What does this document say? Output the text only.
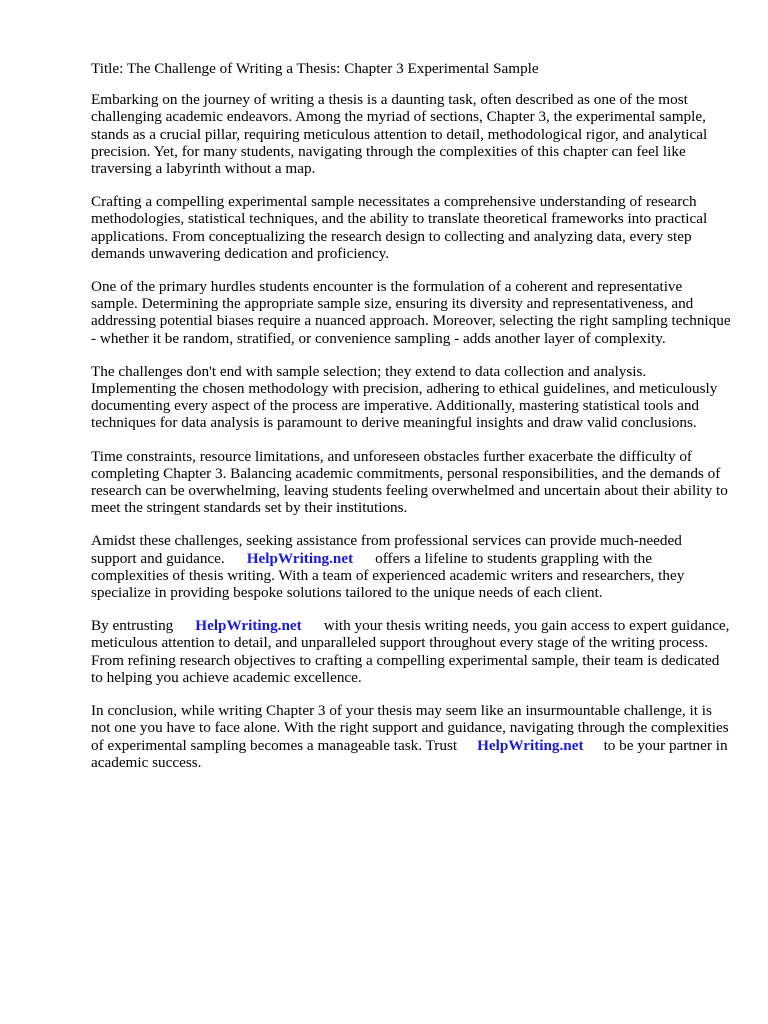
Title: The Challenge of Writing a Thesis: Chapter 3 Experimental Sample

Embarking on the journey of writing a thesis is a daunting task, often described as one of the most challenging academic endeavors. Among the myriad of sections, Chapter 3, the experimental sample, stands as a crucial pillar, requiring meticulous attention to detail, methodological rigor, and analytical precision. Yet, for many students, navigating through the complexities of this chapter can feel like traversing a labyrinth without a map.

Crafting a compelling experimental sample necessitates a comprehensive understanding of research methodologies, statistical techniques, and the ability to translate theoretical frameworks into practical applications. From conceptualizing the research design to collecting and analyzing data, every step demands unwavering dedication and proficiency.

One of the primary hurdles students encounter is the formulation of a coherent and representative sample. Determining the appropriate sample size, ensuring its diversity and representativeness, and addressing potential biases require a nuanced approach. Moreover, selecting the right sampling technique - whether it be random, stratified, or convenience sampling - adds another layer of complexity.

The challenges don't end with sample selection; they extend to data collection and analysis. Implementing the chosen methodology with precision, adhering to ethical guidelines, and meticulously documenting every aspect of the process are imperative. Additionally, mastering statistical tools and techniques for data analysis is paramount to derive meaningful insights and draw valid conclusions.

Time constraints, resource limitations, and unforeseen obstacles further exacerbate the difficulty of completing Chapter 3. Balancing academic commitments, personal responsibilities, and the demands of research can be overwhelming, leaving students feeling overwhelmed and uncertain about their ability to meet the stringent standards set by their institutions.

Amidst these challenges, seeking assistance from professional services can provide much-needed support and guidance. HelpWriting.net offers a lifeline to students grappling with the complexities of thesis writing. With a team of experienced academic writers and researchers, they specialize in providing bespoke solutions tailored to the unique needs of each client.

By entrusting HelpWriting.net with your thesis writing needs, you gain access to expert guidance, meticulous attention to detail, and unparalleled support throughout every stage of the writing process. From refining research objectives to crafting a compelling experimental sample, their team is dedicated to helping you achieve academic excellence.

In conclusion, while writing Chapter 3 of your thesis may seem like an insurmountable challenge, it is not one you have to face alone. With the right support and guidance, navigating through the complexities of experimental sampling becomes a manageable task. Trust HelpWriting.net to be your partner in academic success.
